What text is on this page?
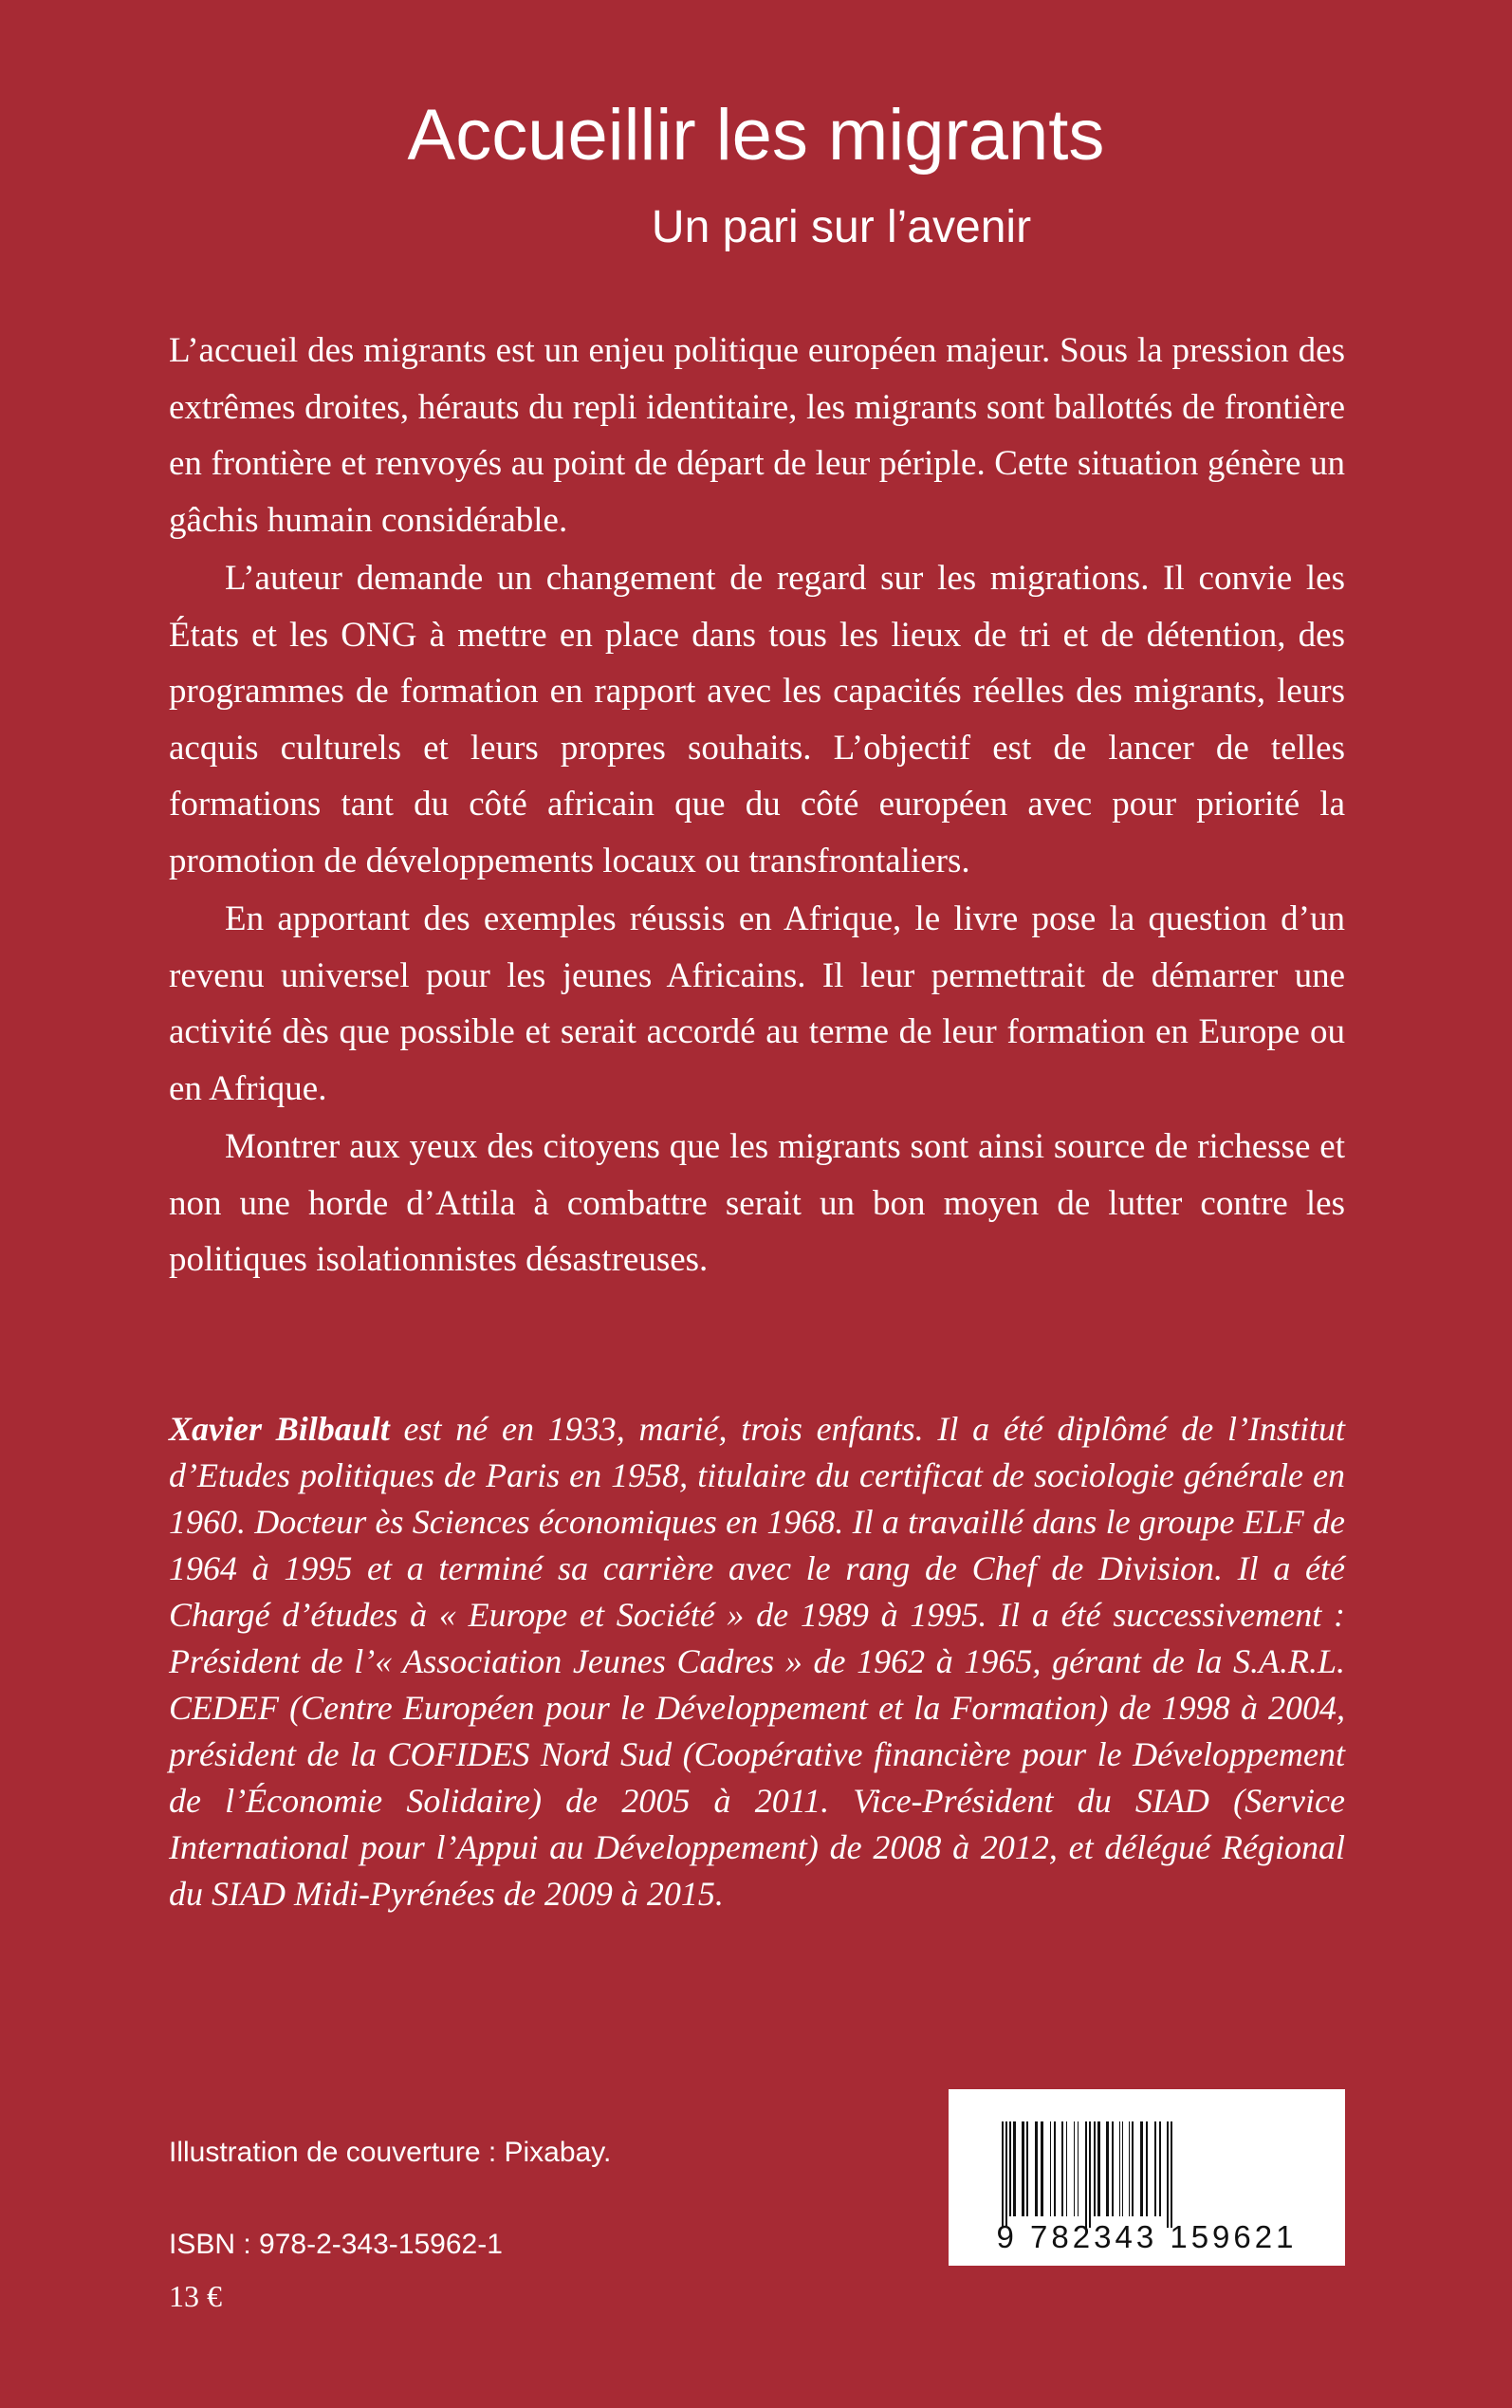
Accueillir les migrants
Un pari sur l’avenir

L’accueil des migrants est un enjeu politique européen majeur. Sous la pression des extrêmes droites, hérauts du repli identitaire, les migrants sont ballottés de frontière en frontière et renvoyés au point de départ de leur périple. Cette situation génère un gâchis humain considérable.

L’auteur demande un changement de regard sur les migrations. Il convie les États et les ONG à mettre en place dans tous les lieux de tri et de détention, des programmes de formation en rapport avec les capacités réelles des migrants, leurs acquis culturels et leurs propres souhaits. L’objectif est de lancer de telles formations tant du côté africain que du côté européen avec pour priorité la promotion de développements locaux ou transfrontaliers.

En apportant des exemples réussis en Afrique, le livre pose la question d’un revenu universel pour les jeunes Africains. Il leur permettrait de démarrer une activité dès que possible et serait accordé au terme de leur formation en Europe ou en Afrique.

Montrer aux yeux des citoyens que les migrants sont ainsi source de richesse et non une horde d’Attila à combattre serait un bon moyen de lutter contre les politiques isolationnistes désastreuses.

Xavier Bilbault est né en 1933, marié, trois enfants. Il a été diplômé de l’Institut d’Etudes politiques de Paris en 1958, titulaire du certificat de sociologie générale en 1960. Docteur ès Sciences économiques en 1968. Il a travaillé dans le groupe ELF de 1964 à 1995 et a terminé sa carrière avec le rang de Chef de Division. Il a été Chargé d’études à « Europe et Société » de 1989 à 1995. Il a été successivement : Président de l’« Association Jeunes Cadres » de 1962 à 1965, gérant de la S.A.R.L. CEDEF (Centre Européen pour le Développement et la Formation) de 1998 à 2004, président de la COFIDES Nord Sud (Coopérative financière pour le Développement de l’Économie Solidaire) de 2005 à 2011. Vice-Président du SIAD (Service International pour l’Appui au Développement) de 2008 à 2012, et délégué Régional du SIAD Midi-Pyrénées de 2009 à 2015.

Illustration de couverture : Pixabay.
ISBN : 978-2-343-15962-1
13 €
9 782343 159621
